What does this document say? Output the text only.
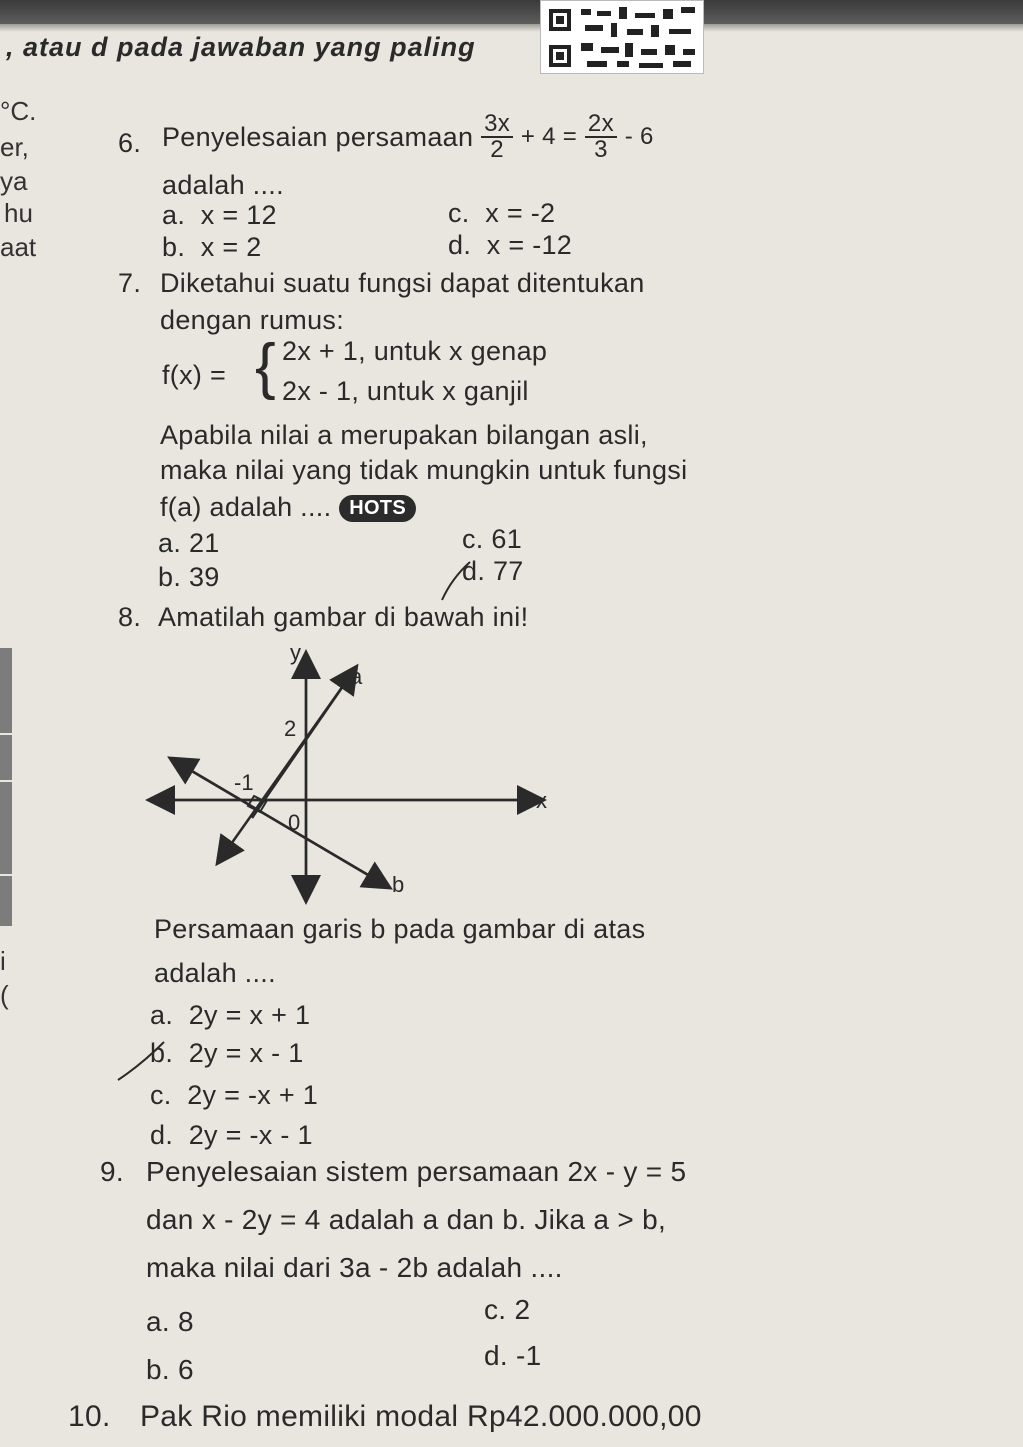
, atau d pada jawaban yang paling
°C.
er,
ya
hu
aat
i
(
6. Penyelesaian persamaan
$\frac{3x}{2}$
+ 4 =
$\frac{2x}{3}$
- 6
adalah ....
a. x = 12
b. x = 2
c. x = -2
d. x = -12
7. Diketahui suatu fungsi dapat ditentukan
dengan rumus:
f(x) = { 2x + 1, untuk x genap
2x - 1, untuk x ganjil
Apabila nilai a merupakan bilangan asli,
maka nilai yang tidak mungkin untuk fungsi
f(a) adalah .... HOTS
a. 21
b. 39
c. 61
d. 77
8. Amatilah gambar di bawah ini!
y
a
2
-1
0
x
b
Persamaan garis b pada gambar di atas
adalah ....
a. 2y = x + 1
b. 2y = x - 1
c. 2y = -x + 1
d. 2y = -x - 1
9. Penyelesaian sistem persamaan 2x - y = 5
dan x - 2y = 4 adalah a dan b. Jika a > b,
maka nilai dari 3a - 2b adalah ....
a. 8
b. 6
c. 2
d. -1
10. Pak Rio memiliki modal Rp42.000.000,00
